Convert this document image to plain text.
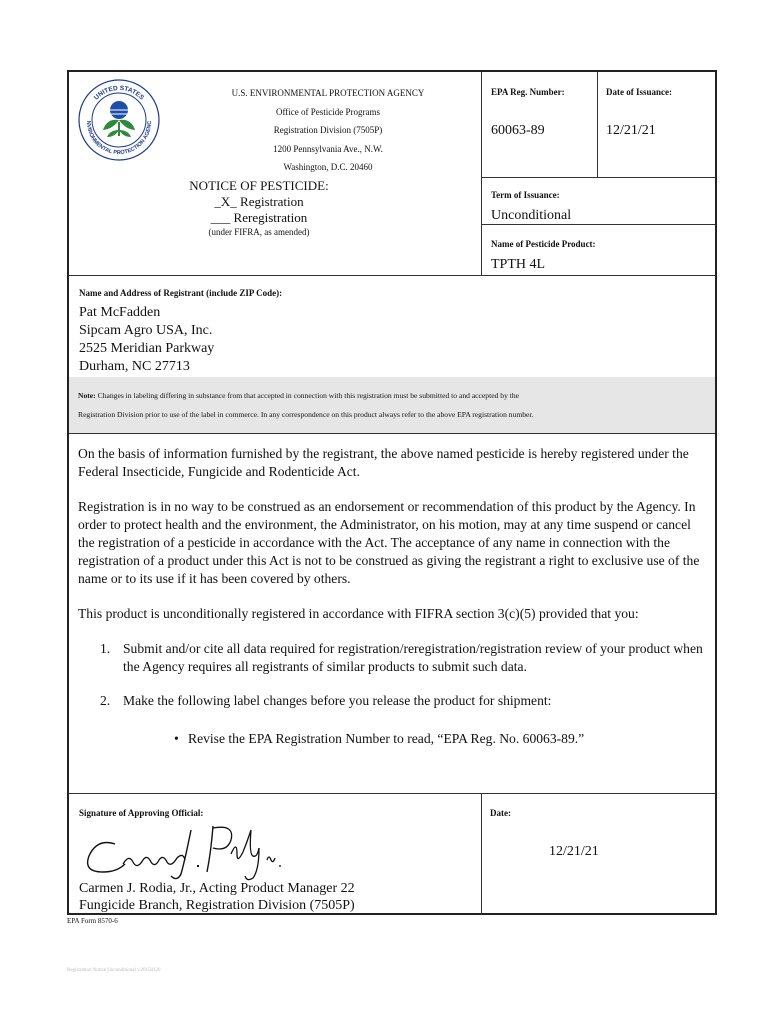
UNITED STATES
NVIRONMENTAL PROTECTION AGENC
U.S. ENVIRONMENTAL PROTECTION AGENCY
Office of Pesticide Programs
Registration Division (7505P)
1200 Pennsylvania Ave., N.W.
Washington, D.C. 20460
NOTICE OF PESTICIDE:
_X_ Registration
___ Reregistration
(under FIFRA, as amended)
EPA Reg. Number:
60063-89
Date of Issuance:
12/21/21
Term of Issuance:
Unconditional
Name of Pesticide Product:
TPTH 4L
Name and Address of Registrant (include ZIP Code):
Pat McFadden
Sipcam Agro USA, Inc.
2525 Meridian Parkway
Durham, NC 27713
Note: Changes in labeling differing in substance from that accepted in connection with this registration must be submitted to and accepted by the
Registration Division prior to use of the label in commerce. In any correspondence on this product always refer to the above EPA registration number.

On the basis of information furnished by the registrant, the above named pesticide is hereby registered under the Federal Insecticide, Fungicide and Rodenticide Act.

Registration is in no way to be construed as an endorsement or recommendation of this product by the Agency. In order to protect health and the environment, the Administrator, on his motion, may at any time suspend or cancel the registration of a pesticide in accordance with the Act. The acceptance of any name in connection with the registration of a product under this Act is not to be construed as giving the registrant a right to exclusive use of the name or to its use if it has been covered by others.

This product is unconditionally registered in accordance with FIFRA section 3(c)(5) provided that you:

1. Submit and/or cite all data required for registration/reregistration/registration review of your product when the Agency requires all registrants of similar products to submit such data.
2. Make the following label changes before you release the product for shipment:
• Revise the EPA Registration Number to read, “EPA Reg. No. 60063-89.”
Signature of Approving Official:
Carmen J. Rodia, Jr., Acting Product Manager 22
Fungicide Branch, Registration Division (7505P)
Date:
12/21/21
EPA Form 8570-6
Registration Notice Unconditional v.20150320
